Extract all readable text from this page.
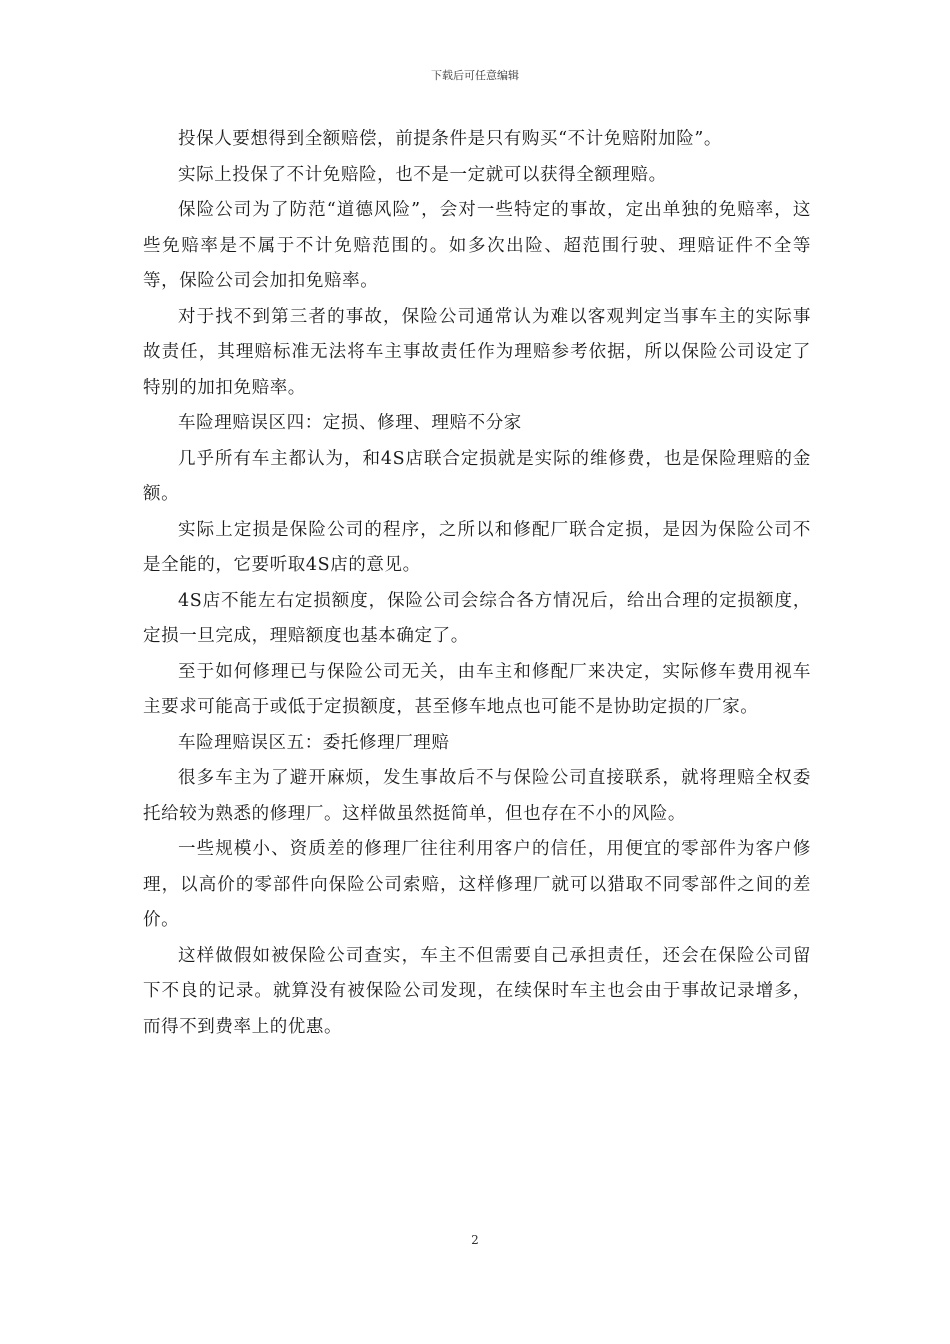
下载后可任意编辑

投保人要想得到全额赔偿，前提条件是只有购买“不计免赔附加险”。

实际上投保了不计免赔险，也不是一定就可以获得全额理赔。

保险公司为了防范“道德风险”，会对一些特定的事故，定出单独的免赔率，这些免赔率是不属于不计免赔范围的。如多次出险、超范围行驶、理赔证件不全等等，保险公司会加扣免赔率。

对于找不到第三者的事故，保险公司通常认为难以客观判定当事车主的实际事故责任，其理赔标准无法将车主事故责任作为理赔参考依据，所以保险公司设定了特别的加扣免赔率。

车险理赔误区四：定损、修理、理赔不分家

几乎所有车主都认为，和4S店联合定损就是实际的维修费，也是保险理赔的金额。

实际上定损是保险公司的程序，之所以和修配厂联合定损，是因为保险公司不是全能的，它要听取4S店的意见。

4S店不能左右定损额度，保险公司会综合各方情况后，给出合理的定损额度，定损一旦完成，理赔额度也基本确定了。

至于如何修理已与保险公司无关，由车主和修配厂来决定，实际修车费用视车主要求可能高于或低于定损额度，甚至修车地点也可能不是协助定损的厂家。

车险理赔误区五：委托修理厂理赔

很多车主为了避开麻烦，发生事故后不与保险公司直接联系，就将理赔全权委托给较为熟悉的修理厂。这样做虽然挺简单，但也存在不小的风险。

一些规模小、资质差的修理厂往往利用客户的信任，用便宜的零部件为客户修理，以高价的零部件向保险公司索赔，这样修理厂就可以猎取不同零部件之间的差价。

这样做假如被保险公司查实，车主不但需要自己承担责任，还会在保险公司留下不良的记录。就算没有被保险公司发现，在续保时车主也会由于事故记录增多，而得不到费率上的优惠。

2
